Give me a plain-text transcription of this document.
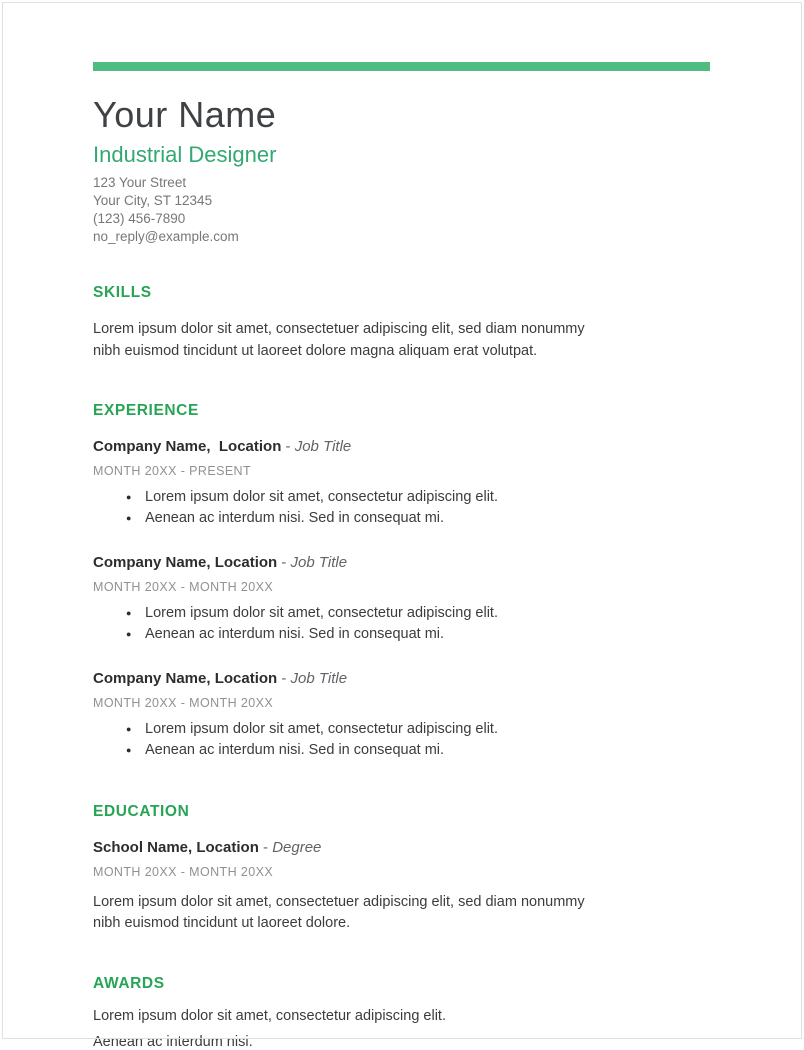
Your Name
Industrial Designer
123 Your Street
Your City, ST 12345
(123) 456-7890
no_reply@example.com
SKILLS

Lorem ipsum dolor sit amet, consectetuer adipiscing elit, sed diam nonummy nibh euismod tincidunt ut laoreet dolore magna aliquam erat volutpat.

EXPERIENCE
Company Name,  Location - Job Title
MONTH 20XX - PRESENT
● Lorem ipsum dolor sit amet, consectetur adipiscing elit.
● Aenean ac interdum nisi. Sed in consequat mi.
Company Name, Location - Job Title
MONTH 20XX - MONTH 20XX
● Lorem ipsum dolor sit amet, consectetur adipiscing elit.
● Aenean ac interdum nisi. Sed in consequat mi.
Company Name, Location - Job Title
MONTH 20XX - MONTH 20XX
● Lorem ipsum dolor sit amet, consectetur adipiscing elit.
● Aenean ac interdum nisi. Sed in consequat mi.
EDUCATION
School Name, Location - Degree
MONTH 20XX - MONTH 20XX

Lorem ipsum dolor sit amet, consectetuer adipiscing elit, sed diam nonummy nibh euismod tincidunt ut laoreet dolore.

AWARDS

Lorem ipsum dolor sit amet, consectetur adipiscing elit.

Aenean ac interdum nisi.
